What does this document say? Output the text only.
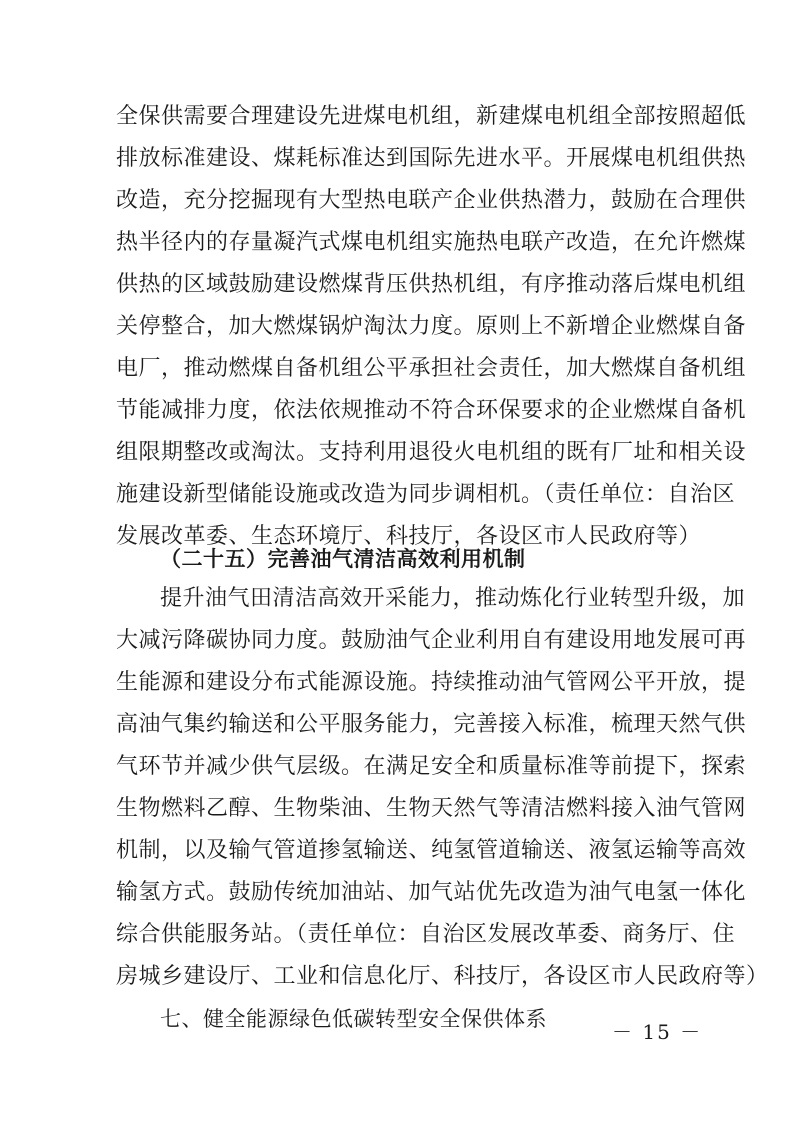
全保供需要合理建设先进煤电机组，新建煤电机组全部按照超低
排放标准建设、煤耗标准达到国际先进水平。开展煤电机组供热
改造，充分挖掘现有大型热电联产企业供热潜力，鼓励在合理供
热半径内的存量凝汽式煤电机组实施热电联产改造，在允许燃煤
供热的区域鼓励建设燃煤背压供热机组，有序推动落后煤电机组
关停整合，加大燃煤锅炉淘汰力度。原则上不新增企业燃煤自备
电厂，推动燃煤自备机组公平承担社会责任，加大燃煤自备机组
节能减排力度，依法依规推动不符合环保要求的企业燃煤自备机
组限期整改或淘汰。支持利用退役火电机组的既有厂址和相关设
施建设新型储能设施或改造为同步调相机。（责任单位：自治区
发展改革委、生态环境厅、科技厅，各设区市人民政府等）
（二十五）完善油气清洁高效利用机制
提升油气田清洁高效开采能力，推动炼化行业转型升级，加
大减污降碳协同力度。鼓励油气企业利用自有建设用地发展可再
生能源和建设分布式能源设施。持续推动油气管网公平开放，提
高油气集约输送和公平服务能力，完善接入标准，梳理天然气供
气环节并减少供气层级。在满足安全和质量标准等前提下，探索
生物燃料乙醇、生物柴油、生物天然气等清洁燃料接入油气管网
机制，以及输气管道掺氢输送、纯氢管道输送、液氢运输等高效
输氢方式。鼓励传统加油站、加气站优先改造为油气电氢一体化
综合供能服务站。（责任单位：自治区发展改革委、商务厅、住
房城乡建设厅、工业和信息化厅、科技厅，各设区市人民政府等）
七、健全能源绿色低碳转型安全保供体系
－ 15 －
